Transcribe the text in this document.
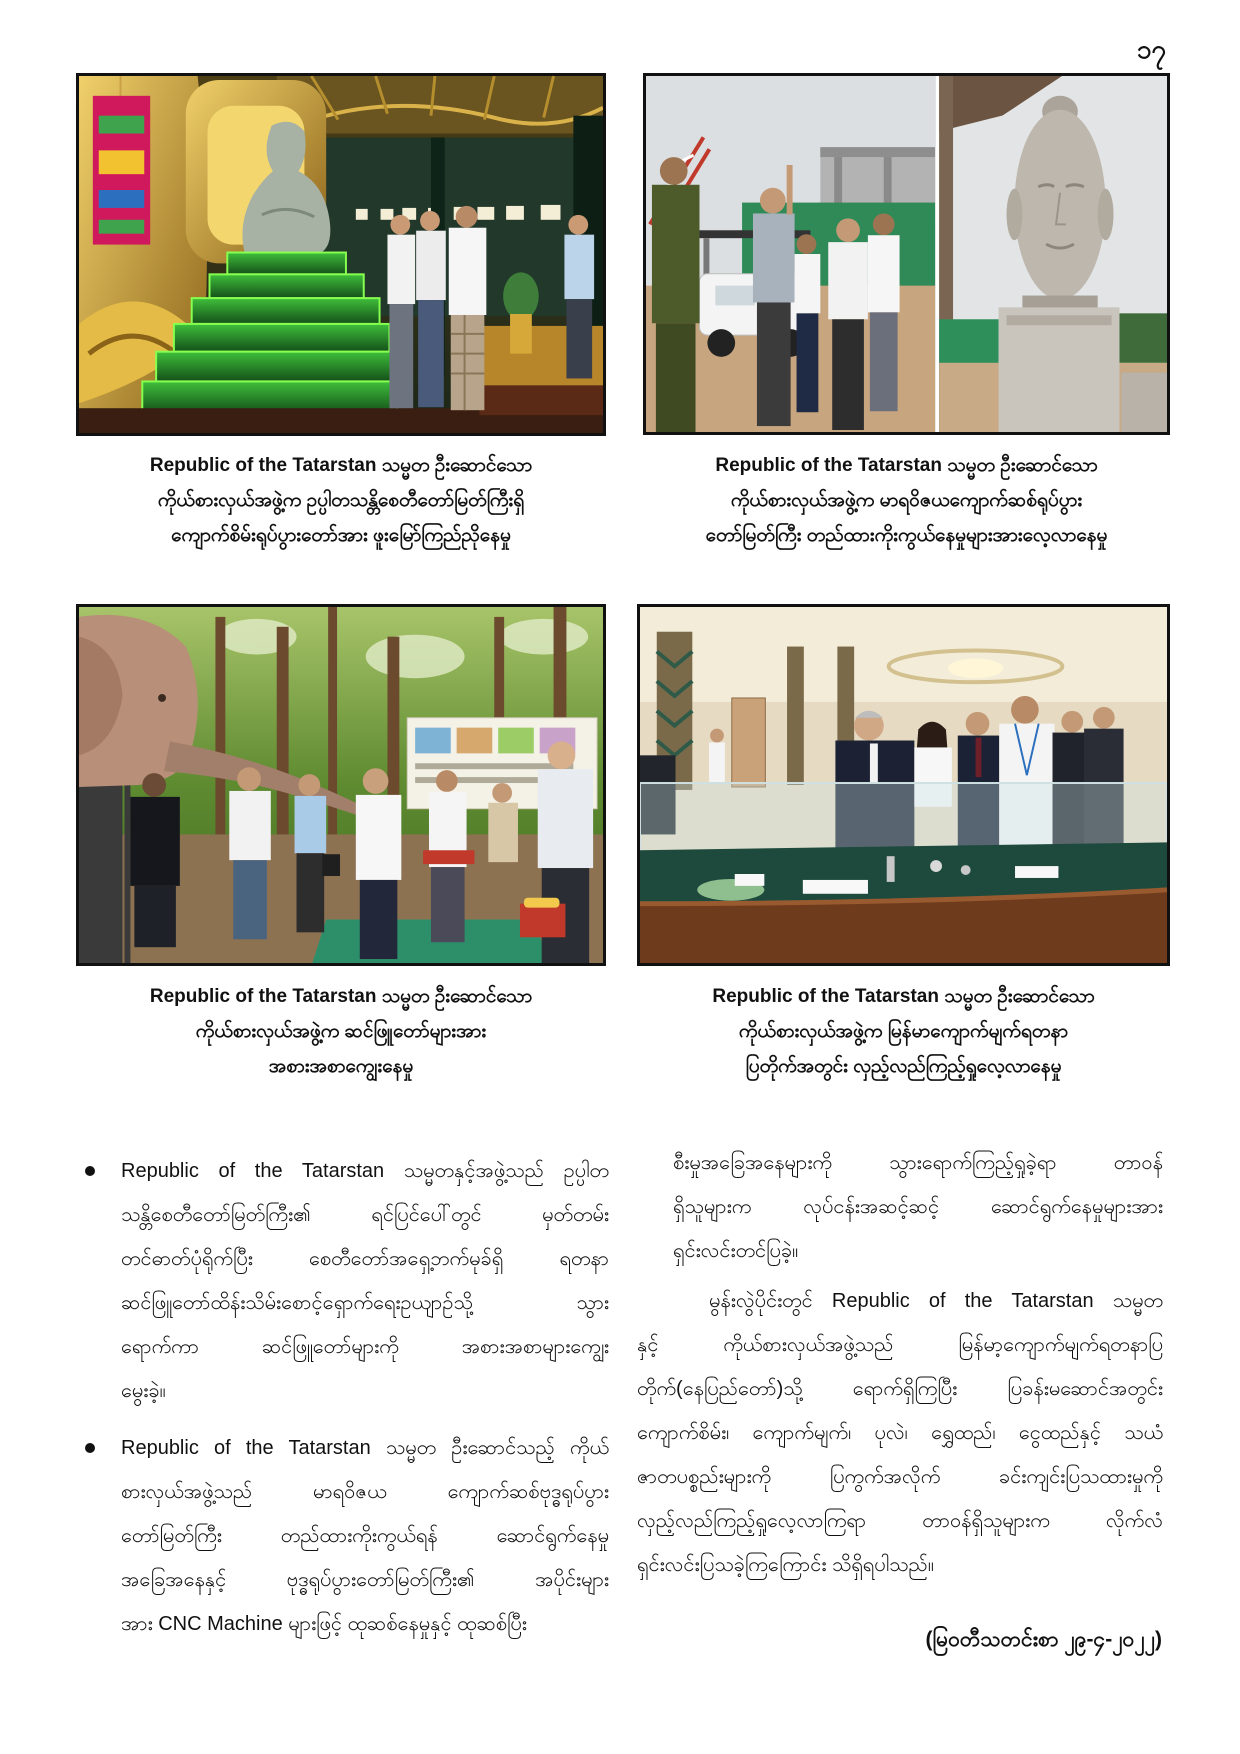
၁၇
Republic of the Tatarstan သမ္မတ ဦးဆောင်သော
ကိုယ်စားလှယ်အဖွဲ့က ဥပ္ပါတသန္တိစေတီတော်မြတ်ကြီးရှိ
ကျောက်စိမ်းရုပ်ပွားတော်အား ဖူးမြော်ကြည်ညိုနေမှု
Republic of the Tatarstan သမ္မတ ဦးဆောင်သော
ကိုယ်စားလှယ်အဖွဲ့က မာရဝိဇယကျောက်ဆစ်ရုပ်ပွား
တော်မြတ်ကြီး တည်ထားကိုးကွယ်နေမှုများအားလေ့လာနေမှု
Republic of the Tatarstan သမ္မတ ဦးဆောင်သော
ကိုယ်စားလှယ်အဖွဲ့က ဆင်ဖြူတော်များအား
အစားအစာကျွေးနေမှု
Republic of the Tatarstan သမ္မတ ဦးဆောင်သော
ကိုယ်စားလှယ်အဖွဲ့က မြန်မာကျောက်မျက်ရတနာ
ပြတိုက်အတွင်း လှည့်လည်ကြည့်ရှုလေ့လာနေမှု
Republic of the Tatarstan သမ္မတနှင့်အဖွဲ့သည် ဥပ္ပါတ
သန္တိစေတီတော်မြတ်ကြီး၏ ရင်ပြင်ပေါ်တွင် မှတ်တမ်း
တင်ဓာတ်ပုံရိုက်ပြီး စေတီတော်အရှေ့ဘက်မုခ်ရှိ ရတနာ
ဆင်ဖြူတော်ထိန်းသိမ်းစောင့်ရှောက်ရေးဥယျာဉ်သို့ သွား
ရောက်ကာ ဆင်ဖြူတော်များကို အစားအစာများကျွေး
မွေးခဲ့။
Republic of the Tatarstan သမ္မတ ဦးဆောင်သည့် ကိုယ်
စားလှယ်အဖွဲ့သည် မာရဝိဇယ ကျောက်ဆစ်ဗုဒ္ဓရုပ်ပွား
တော်မြတ်ကြီး တည်ထားကိုးကွယ်ရန် ဆောင်ရွက်နေမှု
အခြေအနေနှင့် ဗုဒ္ဓရုပ်ပွားတော်မြတ်ကြီး၏ အပိုင်းများ
အား CNC Machine များဖြင့် ထုဆစ်နေမှုနှင့် ထုဆစ်ပြီး
စီးမှုအခြေအနေများကို သွားရောက်ကြည့်ရှုခဲ့ရာ တာဝန်
ရှိသူများက လုပ်ငန်းအဆင့်ဆင့် ဆောင်ရွက်နေမှုများအား
ရှင်းလင်းတင်ပြခဲ့။
မွန်းလွဲပိုင်းတွင် Republic of the Tatarstan သမ္မတ
နှင့် ကိုယ်စားလှယ်အဖွဲ့သည် မြန်မာ့ကျောက်မျက်ရတနာပြ
တိုက်(နေပြည်တော်)သို့ ရောက်ရှိကြပြီး ပြခန်းမဆောင်အတွင်း
ကျောက်စိမ်း၊ ကျောက်မျက်၊ ပုလဲ၊ ရွှေထည်၊ ငွေထည်နှင့် သယံ
ဇာတပစ္စည်းများကို ပြကွက်အလိုက် ခင်းကျင်းပြသထားမှုကို
လှည့်လည်ကြည့်ရှုလေ့လာကြရာ တာဝန်ရှိသူများက လိုက်လံ
ရှင်းလင်းပြသခဲ့ကြကြောင်း သိရှိရပါသည်။
(မြဝတီသတင်းစာ ၂၉-၄-၂၀၂၂)
